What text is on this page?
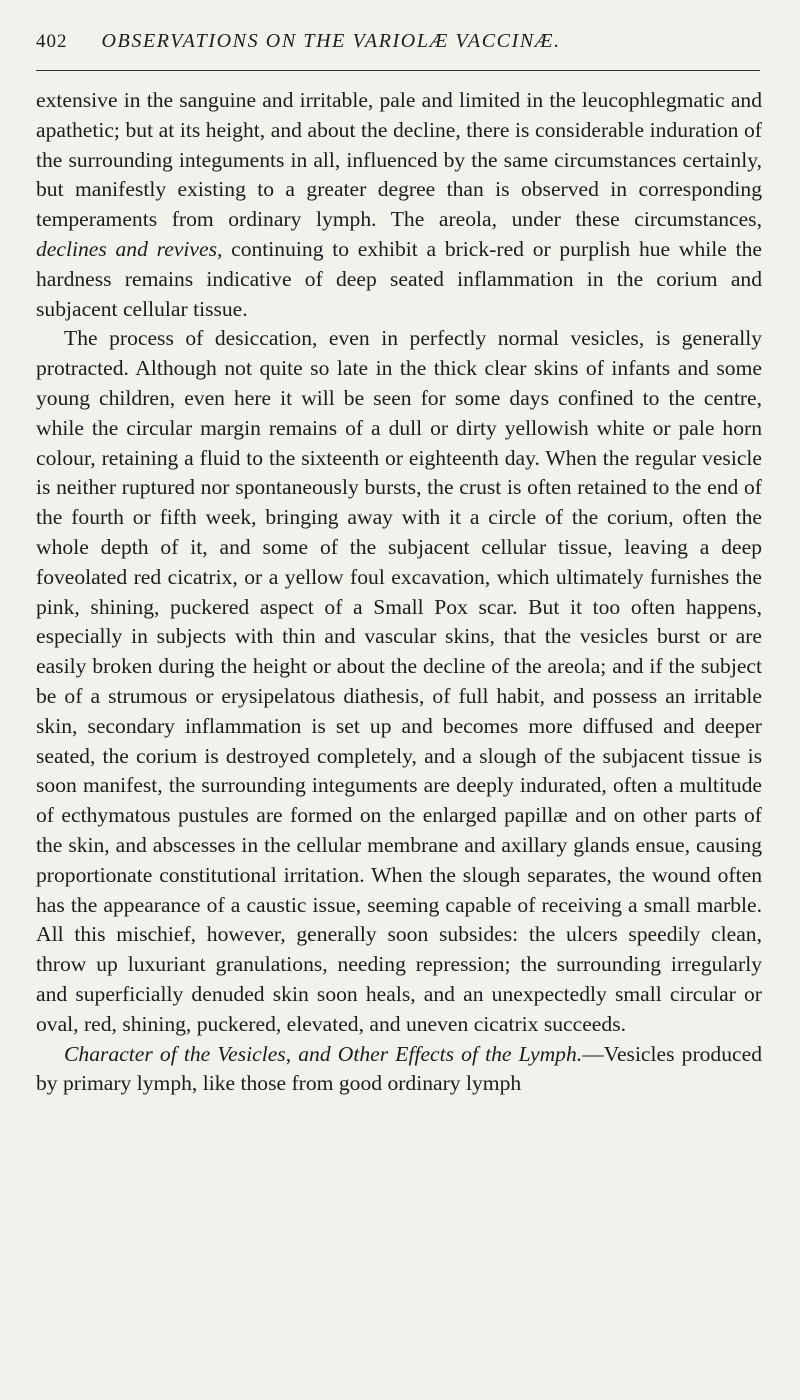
402 OBSERVATIONS ON THE VARIOLÆ VACCINÆ.

extensive in the sanguine and irritable, pale and limited in the leucophlegmatic and apathetic; but at its height, and about the decline, there is considerable induration of the surrounding integuments in all, influenced by the same circumstances certainly, but manifestly existing to a greater degree than is observed in corresponding temperaments from ordinary lymph. The areola, under these circumstances, declines and revives, continuing to exhibit a brick-red or purplish hue while the hardness remains indicative of deep seated inflammation in the corium and subjacent cellular tissue.

The process of desiccation, even in perfectly normal vesicles, is generally protracted. Although not quite so late in the thick clear skins of infants and some young children, even here it will be seen for some days confined to the centre, while the circular margin remains of a dull or dirty yellowish white or pale horn colour, retaining a fluid to the sixteenth or eighteenth day. When the regular vesicle is neither ruptured nor spontaneously bursts, the crust is often retained to the end of the fourth or fifth week, bringing away with it a circle of the corium, often the whole depth of it, and some of the subjacent cellular tissue, leaving a deep foveolated red cicatrix, or a yellow foul excavation, which ultimately furnishes the pink, shining, puckered aspect of a Small Pox scar. But it too often happens, especially in subjects with thin and vascular skins, that the vesicles burst or are easily broken during the height or about the decline of the areola; and if the subject be of a strumous or erysipelatous diathesis, of full habit, and possess an irritable skin, secondary inflammation is set up and becomes more diffused and deeper seated, the corium is destroyed completely, and a slough of the subjacent tissue is soon manifest, the surrounding integuments are deeply indurated, often a multitude of ecthymatous pustules are formed on the enlarged papillæ and on other parts of the skin, and abscesses in the cellular membrane and axillary glands ensue, causing proportionate constitutional irritation. When the slough separates, the wound often has the appearance of a caustic issue, seeming capable of receiving a small marble. All this mischief, however, generally soon subsides: the ulcers speedily clean, throw up luxuriant granulations, needing repression; the surrounding irregularly and superficially denuded skin soon heals, and an unexpectedly small circular or oval, red, shining, puckered, elevated, and uneven cicatrix succeeds.

Character of the Vesicles, and Other Effects of the Lymph.—Vesicles produced by primary lymph, like those from good ordinary lymph
